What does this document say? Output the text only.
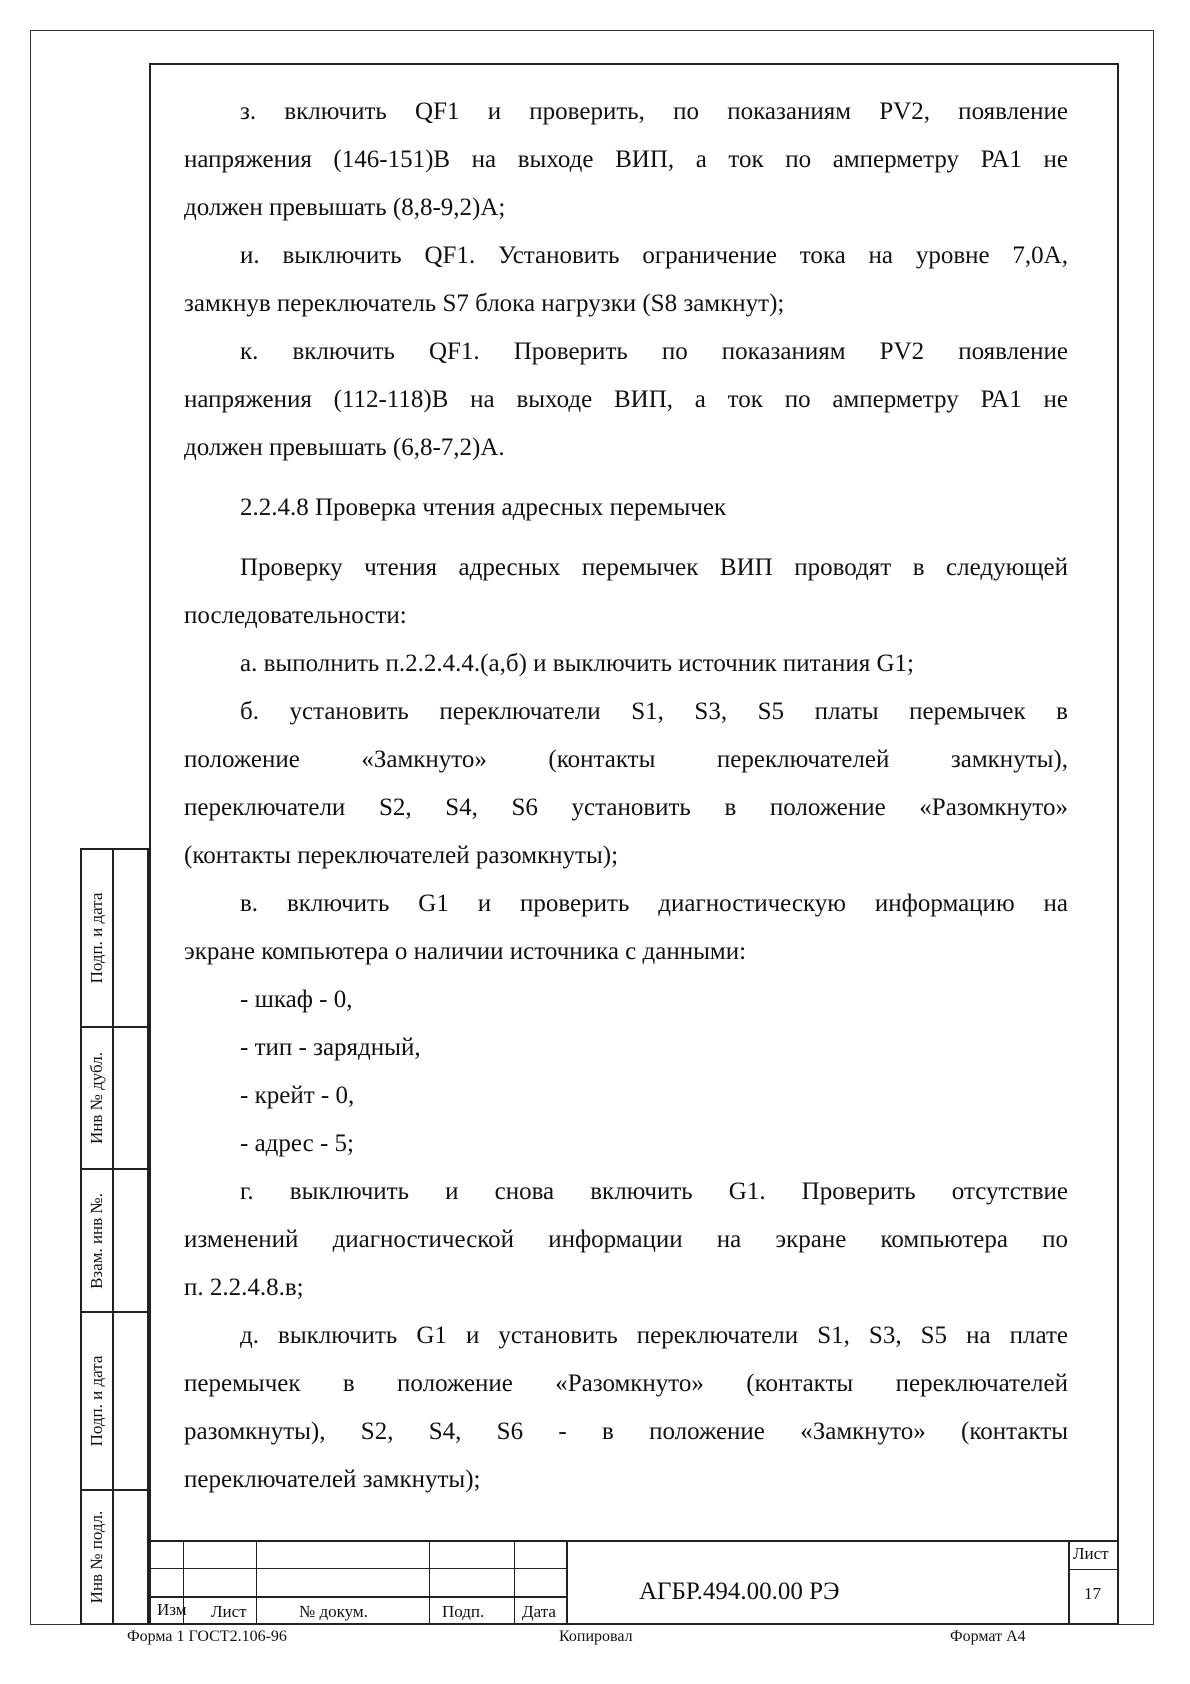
з. включить QF1 и проверить, по показаниям PV2, появление

напряжения (146-151)В на выходе ВИП, а ток по амперметру РА1 не

должен превышать (8,8-9,2)А;

и. выключить QF1. Установить ограничение тока на уровне 7,0А,

замкнув переключатель S7 блока нагрузки (S8 замкнут);

к. включить QF1. Проверить по показаниям PV2 появление

напряжения (112-118)В на выходе ВИП, а ток по амперметру РА1 не

должен превышать (6,8-7,2)А.

2.2.4.8 Проверка чтения адресных перемычек

Проверку чтения адресных перемычек ВИП проводят в следующей

последовательности:

а. выполнить п.2.2.4.4.(а,б) и выключить источник питания G1;

б. установить переключатели S1, S3, S5 платы перемычек в

положение «Замкнуто» (контакты переключателей замкнуты),

переключатели S2, S4, S6 установить в положение «Разомкнуто»

(контакты переключателей разомкнуты);

в. включить G1 и проверить диагностическую информацию на

экране компьютера о наличии источника с данными:

- шкаф - 0,

- тип - зарядный,

- крейт - 0,

- адрес - 5;

г. выключить и снова включить G1. Проверить отсутствие

изменений диагностической информации на экране компьютера по

п. 2.2.4.8.в;

д. выключить G1 и установить переключатели S1, S3, S5 на плате

перемычек в положение «Разомкнуто» (контакты переключателей

разомкнуты), S2, S4, S6 - в положение «Замкнуто» (контакты

переключателей замкнуты);

Подп. и дата
Инв № дубл.
Взам. инв №.
Подп. и дата
Инв № подл.
Изм Лист	№ докум.	Подп. Дата
АГБР.494.00.00 РЭ
Лист
17
Форма 1 ГОСТ2.106-96	Копировал	Формат А4
